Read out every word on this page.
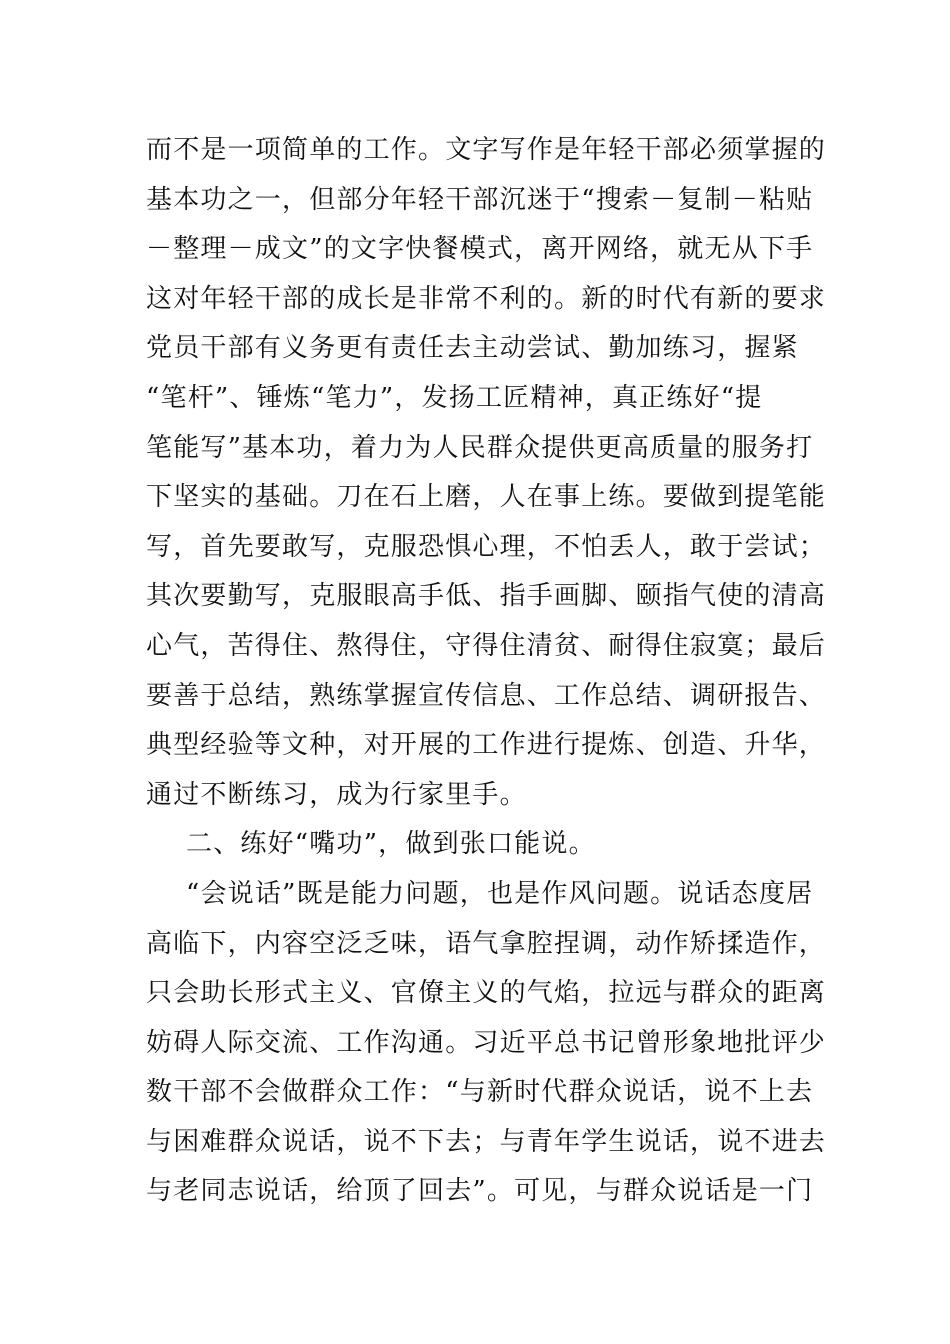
而不是一项简单的工作。文字写作是年轻干部必须掌握的
基本功之一，但部分年轻干部沉迷于“搜索－复制－粘贴
－整理－成文”的文字快餐模式，离开网络，就无从下手
这对年轻干部的成长是非常不利的。新的时代有新的要求
党员干部有义务更有责任去主动尝试、勤加练习，握紧
“笔杆”、锤炼“笔力”，发扬工匠精神，真正练好“提
笔能写”基本功，着力为人民群众提供更高质量的服务打
下坚实的基础。刀在石上磨，人在事上练。要做到提笔能
写，首先要敢写，克服恐惧心理，不怕丢人，敢于尝试；
其次要勤写，克服眼高手低、指手画脚、颐指气使的清高
心气，苦得住、熬得住，守得住清贫、耐得住寂寞；最后
要善于总结，熟练掌握宣传信息、工作总结、调研报告、
典型经验等文种，对开展的工作进行提炼、创造、升华，
通过不断练习，成为行家里手。
二、练好“嘴功”，做到张口能说。
“会说话”既是能力问题，也是作风问题。说话态度居
高临下，内容空泛乏味，语气拿腔捏调，动作矫揉造作，
只会助长形式主义、官僚主义的气焰，拉远与群众的距离
妨碍人际交流、工作沟通。习近平总书记曾形象地批评少
数干部不会做群众工作：“与新时代群众说话，说不上去
与困难群众说话，说不下去；与青年学生说话，说不进去
与老同志说话，给顶了回去”。可见，与群众说话是一门
